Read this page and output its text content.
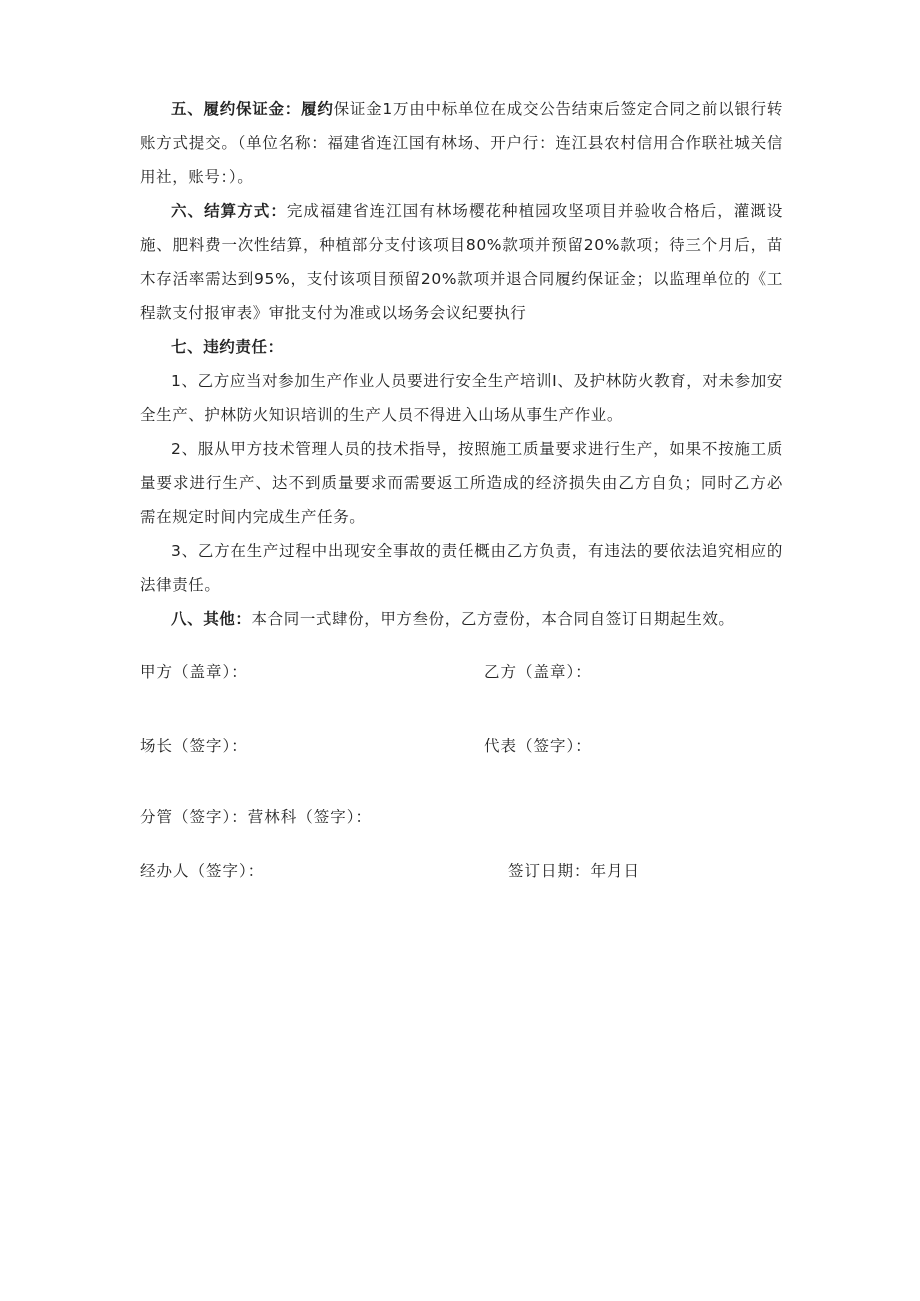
五、履约保证金：履约保证金1万由中标单位在成交公告结束后签定合同之前以银行转账方式提交。（单位名称：福建省连江国有林场、开户行：连江县农村信用合作联社城关信用社，账号：）。

六、结算方式：完成福建省连江国有林场樱花种植园攻坚项目并验收合格后，灌溉设施、肥料费一次性结算，种植部分支付该项目80%款项并预留20%款项；待三个月后，苗木存活率需达到95%，支付该项目预留20%款项并退合同履约保证金；以监理单位的《工程款支付报审表》审批支付为准或以场务会议纪要执行

七、违约责任：

1、乙方应当对参加生产作业人员要进行安全生产培训Ⅰ、及护林防火教育，对未参加安全生产、护林防火知识培训的生产人员不得进入山场从事生产作业。

2、服从甲方技术管理人员的技术指导，按照施工质量要求进行生产，如果不按施工质量要求进行生产、达不到质量要求而需要返工所造成的经济损失由乙方自负；同时乙方必需在规定时间内完成生产任务。

3、乙方在生产过程中出现安全事故的责任概由乙方负责，有违法的要依法追究相应的法律责任。

八、其他：本合同一式肆份，甲方叁份，乙方壹份，本合同自签订日期起生效。

甲方（盖章）：	乙方（盖章）：
场长（签字）：	代表（签字）：
分管（签字）：营林科（签字）：
经办人（签字）：	签订日期：年月日
